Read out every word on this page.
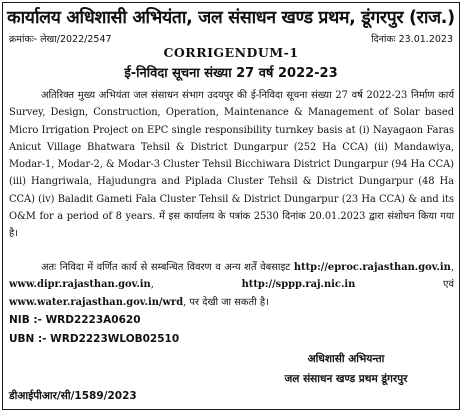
कार्यालय अधिशासी अभियंता, जल संसाधन खण्ड प्रथम, डूंगरपुर (राज.)
क्रमांकः- लेखा/2022/2547	दिनांकः 23.01.2023
CORRIGENDUM-1
ई-निविदा सूचना संख्या 27 वर्ष 2022-23
अतिरिक्त मुख्य अभियंता जल संसाधन संभाग उदयपुर की ई-निविदा सूचना संख्या 27 वर्ष 2022-23 निर्माण कार्य Survey, Design, Construction, Operation, Maintenance & Management of Solar based Micro Irrigation Project on EPC single responsibility turnkey basis at (i) Nayagaon Faras Anicut Village Bhatwara Tehsil & District Dungarpur (252 Ha CCA) (ii) Mandawiya, Modar-1, Modar-2, & Modar-3 Cluster Tehsil Bicchiwara District Dungarpur (94 Ha CCA) (iii) Hangriwala, Hajudungra and Piplada Cluster Tehsil & District Dungarpur (48 Ha CCA) (iv) Baladit Gameti Fala Cluster Tehsil & District Dungarpur (23 Ha CCA) & and its O&M for a period of 8 years. में इस कार्यालय के पत्रांक 2530 दिनांक 20.01.2023 द्वारा संशोधन किया गया है।
अतः निविदा में वर्णित कार्य से सम्बन्धित विवरण व अन्य शर्तें वेबसाइट http://eproc.rajasthan.gov.in, www.dipr.rajasthan.gov.in, http://sppp.raj.nic.in एवं www.water.rajasthan.gov.in/wrd, पर देखी जा सकती है।
NIB :- WRD2223A0620
UBN :- WRD2223WLOB02510
अधिशासी अभियन्ता
जल संसाधन खण्ड प्रथम डूंगरपुर
डीआईपीआर/सी/1589/2023
